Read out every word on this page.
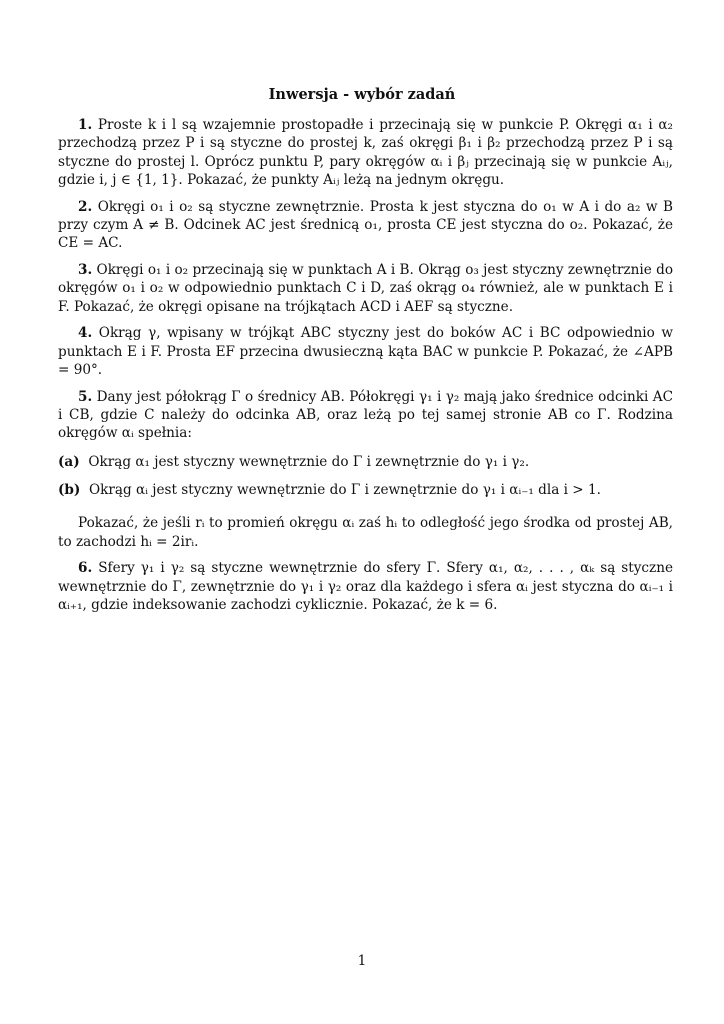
Inwersja - wybór zadań

1. Proste k i l są wzajemnie prostopadłe i przecinają się w punkcie P. Okręgi α₁ i α₂ przechodzą przez P i są styczne do prostej k, zaś okręgi β₁ i β₂ przechodzą przez P i są styczne do prostej l. Oprócz punktu P, pary okręgów αᵢ i βⱼ przecinają się w punkcie Aᵢⱼ, gdzie i, j ∈ {1, 1}. Pokazać, że punkty Aᵢⱼ leżą na jednym okręgu.

2. Okręgi o₁ i o₂ są styczne zewnętrznie. Prosta k jest styczna do o₁ w A i do a₂ w B przy czym A ≠ B. Odcinek AC jest średnicą o₁, prosta CE jest styczna do o₂. Pokazać, że CE = AC.

3. Okręgi o₁ i o₂ przecinają się w punktach A i B. Okrąg o₃ jest styczny zewnętrznie do okręgów o₁ i o₂ w odpowiednio punktach C i D, zaś okrąg o₄ również, ale w punktach E i F. Pokazać, że okręgi opisane na trójkątach ACD i AEF są styczne.

4. Okrąg γ, wpisany w trójkąt ABC styczny jest do boków AC i BC odpowiednio w punktach E i F. Prosta EF przecina dwusieczną kąta BAC w punkcie P. Pokazać, że ∠APB = 90°.

5. Dany jest półokrąg Γ o średnicy AB. Półokręgi γ₁ i γ₂ mają jako średnice odcinki AC i CB, gdzie C należy do odcinka AB, oraz leżą po tej samej stronie AB co Γ. Rodzina okręgów αᵢ spełnia:

(a) Okrąg α₁ jest styczny wewnętrznie do Γ i zewnętrznie do γ₁ i γ₂.

(b) Okrąg αᵢ jest styczny wewnętrznie do Γ i zewnętrznie do γ₁ i αᵢ₋₁ dla i > 1.

Pokazać, że jeśli rᵢ to promień okręgu αᵢ zaś hᵢ to odległość jego środka od prostej AB, to zachodzi hᵢ = 2irᵢ.

6. Sfery γ₁ i γ₂ są styczne wewnętrznie do sfery Γ. Sfery α₁, α₂, . . . , αₖ są styczne wewnętrznie do Γ, zewnętrznie do γ₁ i γ₂ oraz dla każdego i sfera αᵢ jest styczna do αᵢ₋₁ i αᵢ₊₁, gdzie indeksowanie zachodzi cyklicznie. Pokazać, że k = 6.

1
